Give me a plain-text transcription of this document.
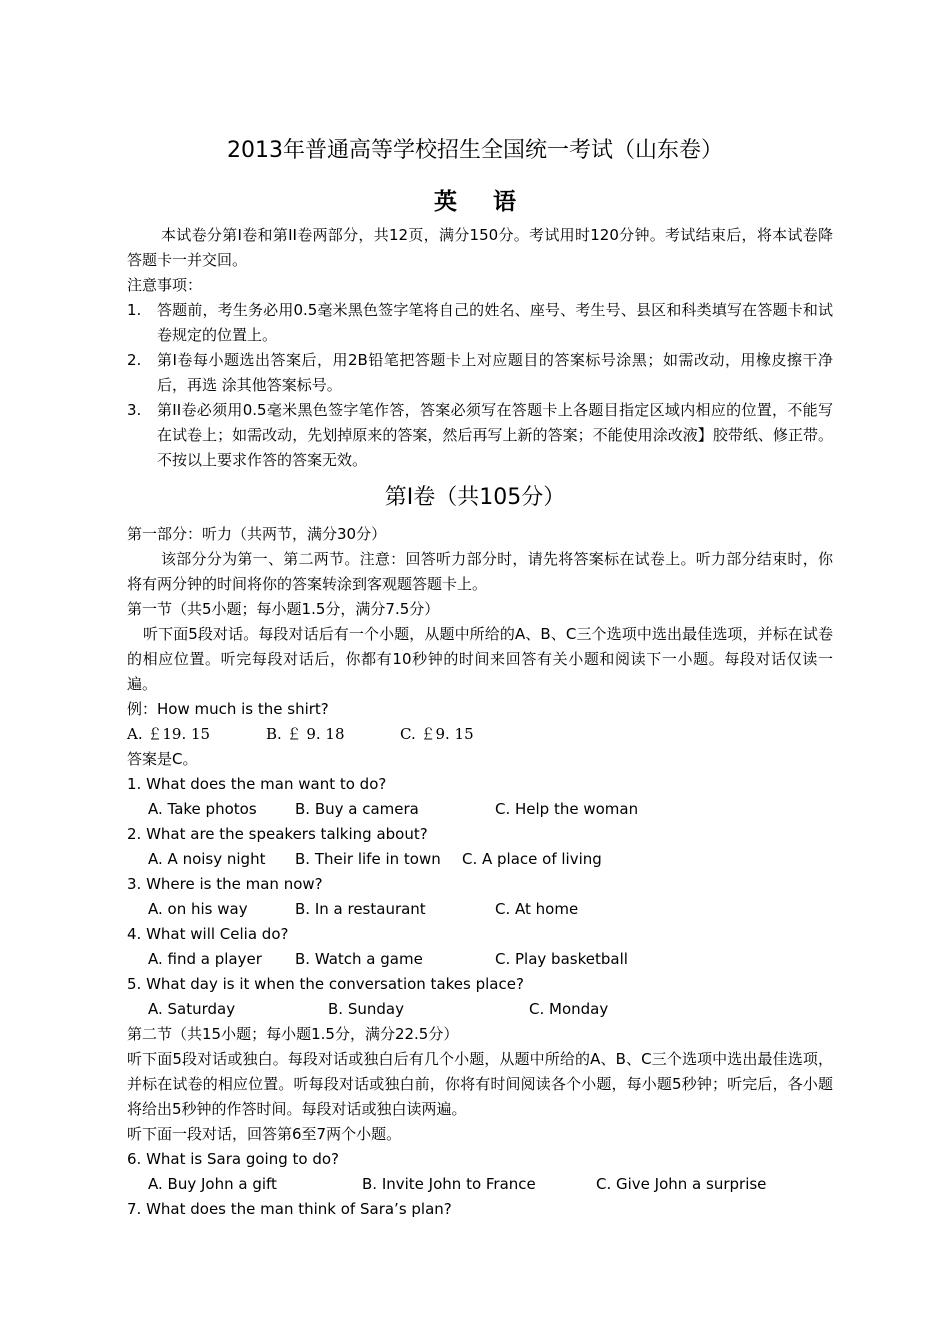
2013年普通高等学校招生全国统一考试（山东卷）
英 语

本试卷分第I卷和第II卷两部分，共12页，满分150分。考试用时120分钟。考试结束后，将本试卷降答题卡一并交回。

注意事项：
1. 答题前，考生务必用0.5毫米黑色签字笔将自己的姓名、座号、考生号、县区和科类填写在答题卡和试卷规定的位置上。

2. 第I卷每小题选出答案后，用2B铅笔把答题卡上对应题目的答案标号涂黑；如需改动，用橡皮擦干净后，再选 涂其他答案标号。

3. 第II卷必须用0.5毫米黑色签字笔作答，答案必须写在答题卡上各题目指定区域内相应的位置，不能写在试卷上；如需改动，先划掉原来的答案，然后再写上新的答案；不能使用涂改液】胶带纸、修正带。不按以上要求作答的答案无效。

第I卷（共105分）
第一部分：听力（共两节，满分30分）

该部分分为第一、第二两节。注意：回答听力部分时，请先将答案标在试卷上。听力部分结束时，你将有两分钟的时间将你的答案转涂到客观题答题卡上。

第一节（共5小题；每小题1.5分，满分7.5分）

听下面5段对话。每段对话后有一个小题，从题中所给的A、B、C三个选项中选出最佳选项，并标在试卷的相应位置。听完每段对话后，你都有10秒钟的时间来回答有关小题和阅读下一小题。每段对话仅读一遍。

例：How much is the shirt?
A. ￡19. 15	B. ￡ 9. 18	C. ￡9. 15
答案是C。
1. What does the man want to do?
A. Take photos	B. Buy a camera	C. Help the woman
2. What are the speakers talking about?
A. A noisy night B. Their life in town C. A place of living
3. Where is the man now?
A. on his way	B. In a restaurant	C. At home
4. What will Celia do?
A. find a player B. Watch a game	C. Play basketball
5. What day is it when the conversation takes place?
A. Saturday	B. Sunday	C. Monday
第二节（共15小题；每小题1.5分，满分22.5分）

听下面5段对话或独白。每段对话或独白后有几个小题，从题中所给的A、B、C三个选项中选出最佳选项，并标在试卷的相应位置。听每段对话或独白前，你将有时间阅读各个小题，每小题5秒钟；听完后，各小题将给出5秒钟的作答时间。每段对话或独白读两遍。

听下面一段对话，回答第6至7两个小题。
6. What is Sara going to do?
A. Buy John a gift	B. Invite John to France	C. Give John a surprise
7. What does the man think of Sara’s plan?
